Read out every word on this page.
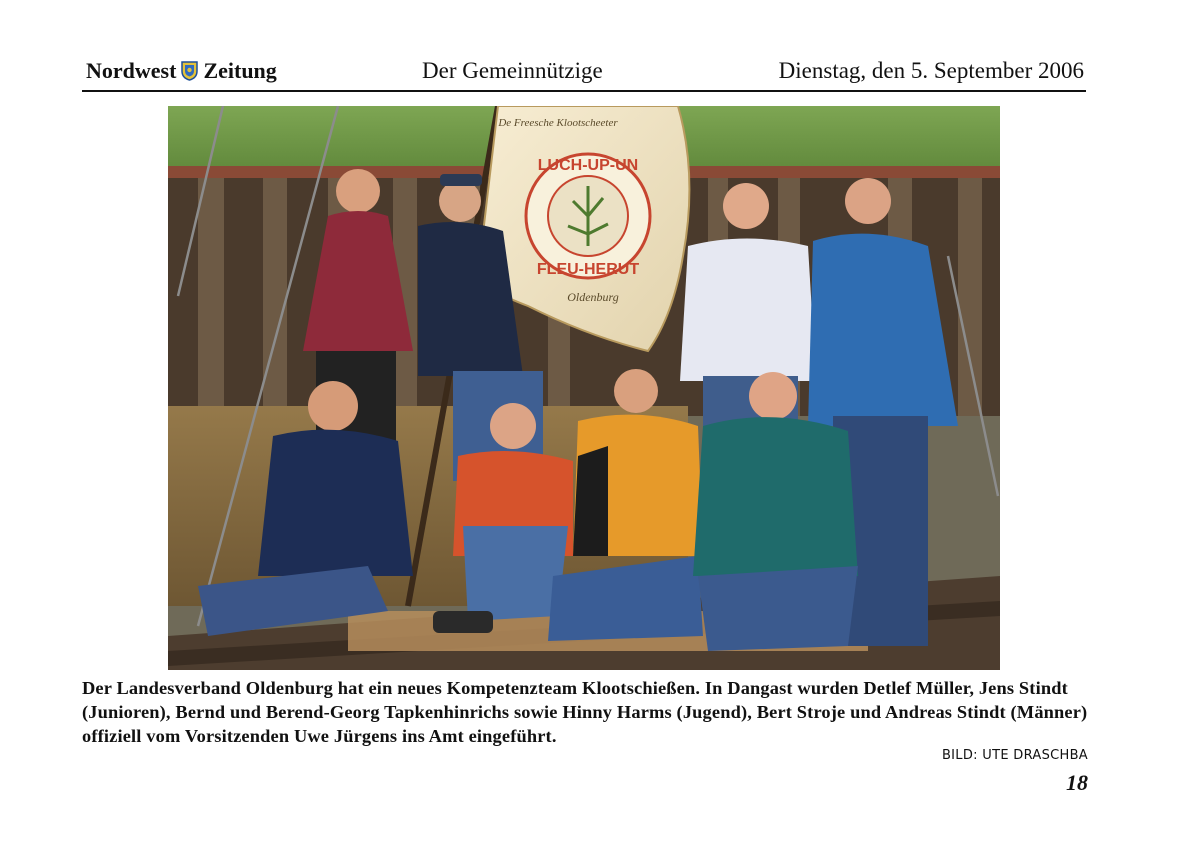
Nordwest Zeitung	Der Gemeinnützige	Dienstag, den 5. September 2006
LUCH-UP-UN
FLEU-HERUT
De Freesche Klootscheeter
Oldenburg
Der Landesverband Oldenburg hat ein neues Kompetenzteam Klootschießen. In Dangast wurden Detlef Müller, Jens Stindt (Junioren), Bernd und Berend-Georg Tapkenhinrichs sowie Hinny Harms (Jugend), Bert Stroje und Andreas Stindt (Männer) offiziell vom Vorsitzenden Uwe Jürgens ins Amt eingeführt.
BILD: UTE DRASCHBA
18
